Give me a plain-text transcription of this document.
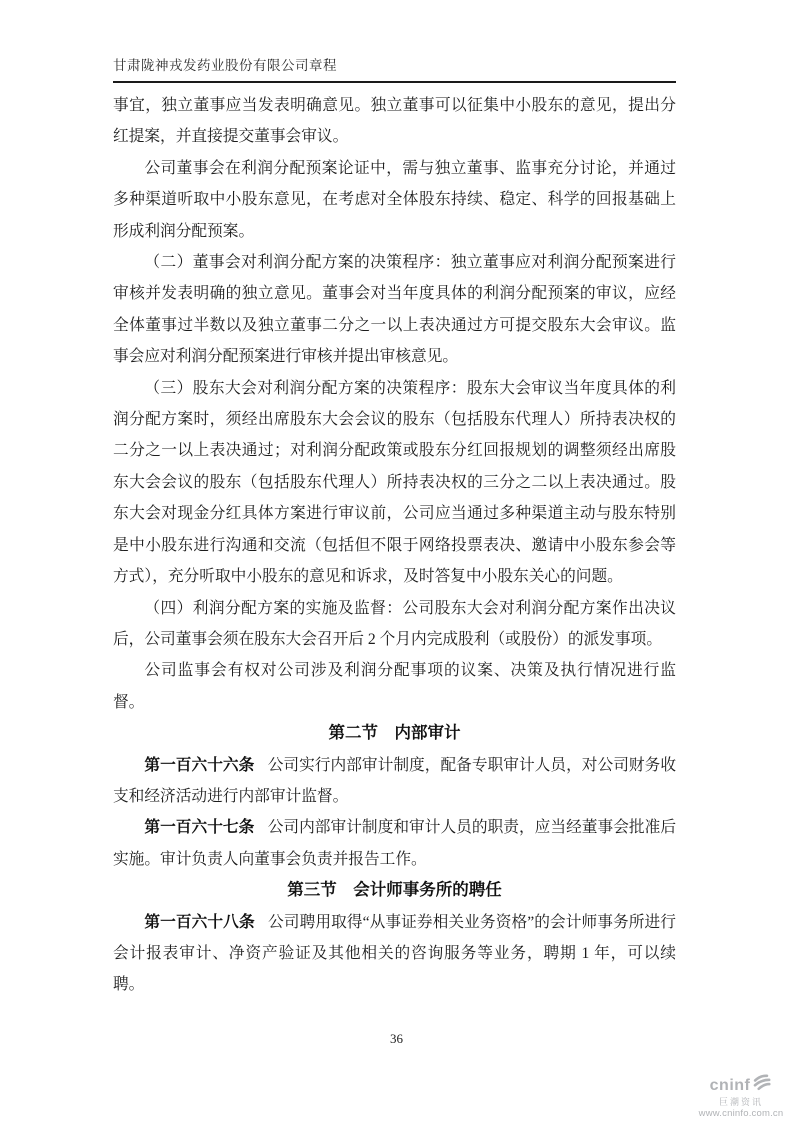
甘肃陇神戎发药业股份有限公司章程

事宜，独立董事应当发表明确意见。独立董事可以征集中小股东的意见，提出分红提案，并直接提交董事会审议。

公司董事会在利润分配预案论证中，需与独立董事、监事充分讨论，并通过多种渠道听取中小股东意见，在考虑对全体股东持续、稳定、科学的回报基础上形成利润分配预案。

（二）董事会对利润分配方案的决策程序：独立董事应对利润分配预案进行审核并发表明确的独立意见。董事会对当年度具体的利润分配预案的审议，应经全体董事过半数以及独立董事二分之一以上表决通过方可提交股东大会审议。监事会应对利润分配预案进行审核并提出审核意见。

（三）股东大会对利润分配方案的决策程序：股东大会审议当年度具体的利润分配方案时，须经出席股东大会会议的股东（包括股东代理人）所持表决权的二分之一以上表决通过；对利润分配政策或股东分红回报规划的调整须经出席股东大会会议的股东（包括股东代理人）所持表决权的三分之二以上表决通过。股东大会对现金分红具体方案进行审议前，公司应当通过多种渠道主动与股东特别是中小股东进行沟通和交流（包括但不限于网络投票表决、邀请中小股东参会等方式），充分听取中小股东的意见和诉求，及时答复中小股东关心的问题。

（四）利润分配方案的实施及监督：公司股东大会对利润分配方案作出决议后，公司董事会须在股东大会召开后 2 个月内完成股利（或股份）的派发事项。

公司监事会有权对公司涉及利润分配事项的议案、决策及执行情况进行监督。

第二节　内部审计

第一百六十六条 公司实行内部审计制度，配备专职审计人员，对公司财务收支和经济活动进行内部审计监督。

第一百六十七条 公司内部审计制度和审计人员的职责，应当经董事会批准后实施。审计负责人向董事会负责并报告工作。

第三节　会计师事务所的聘任

第一百六十八条 公司聘用取得“从事证券相关业务资格”的会计师事务所进行会计报表审计、净资产验证及其他相关的咨询服务等业务，聘期 1 年，可以续聘。

36
cninf
巨潮资讯
www.cninfo.com.cn
